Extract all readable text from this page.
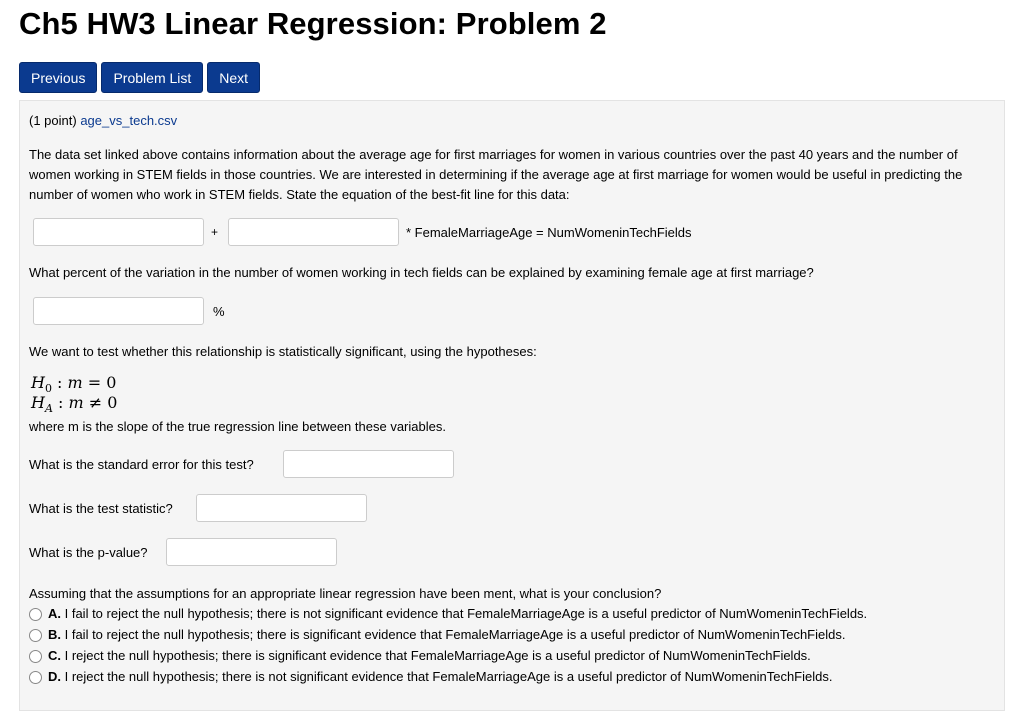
Ch5 HW3 Linear Regression: Problem 2
Previous	Problem List	Next
(1 point) age_vs_tech.csv
The data set linked above contains information about the average age for first marriages for women in various countries over the past 40 years and the number of women working in STEM fields in those countries. We are interested in determining if the average age at first marriage for women would be useful in predicting the number of women who work in STEM fields. State the equation of the best-fit line for this data:
+	* FemaleMarriageAge = NumWomeninTechFields
What percent of the variation in the number of women working in tech fields can be explained by examining female age at first marriage?
%
We want to test whether this relationship is statistically significant, using the hypotheses:
$H_0$ : m = 0
$H_A$ : m ≠ 0
where m is the slope of the true regression line between these variables.
What is the standard error for this test?
What is the test statistic?
What is the p-value?
Assuming that the assumptions for an appropriate linear regression have been ment, what is your conclusion?
A. I fail to reject the null hypothesis; there is not significant evidence that FemaleMarriageAge is a useful predictor of NumWomeninTechFields.
B. I fail to reject the null hypothesis; there is significant evidence that FemaleMarriageAge is a useful predictor of NumWomeninTechFields.
C. I reject the null hypothesis; there is significant evidence that FemaleMarriageAge is a useful predictor of NumWomeninTechFields.
D. I reject the null hypothesis; there is not significant evidence that FemaleMarriageAge is a useful predictor of NumWomeninTechFields.
